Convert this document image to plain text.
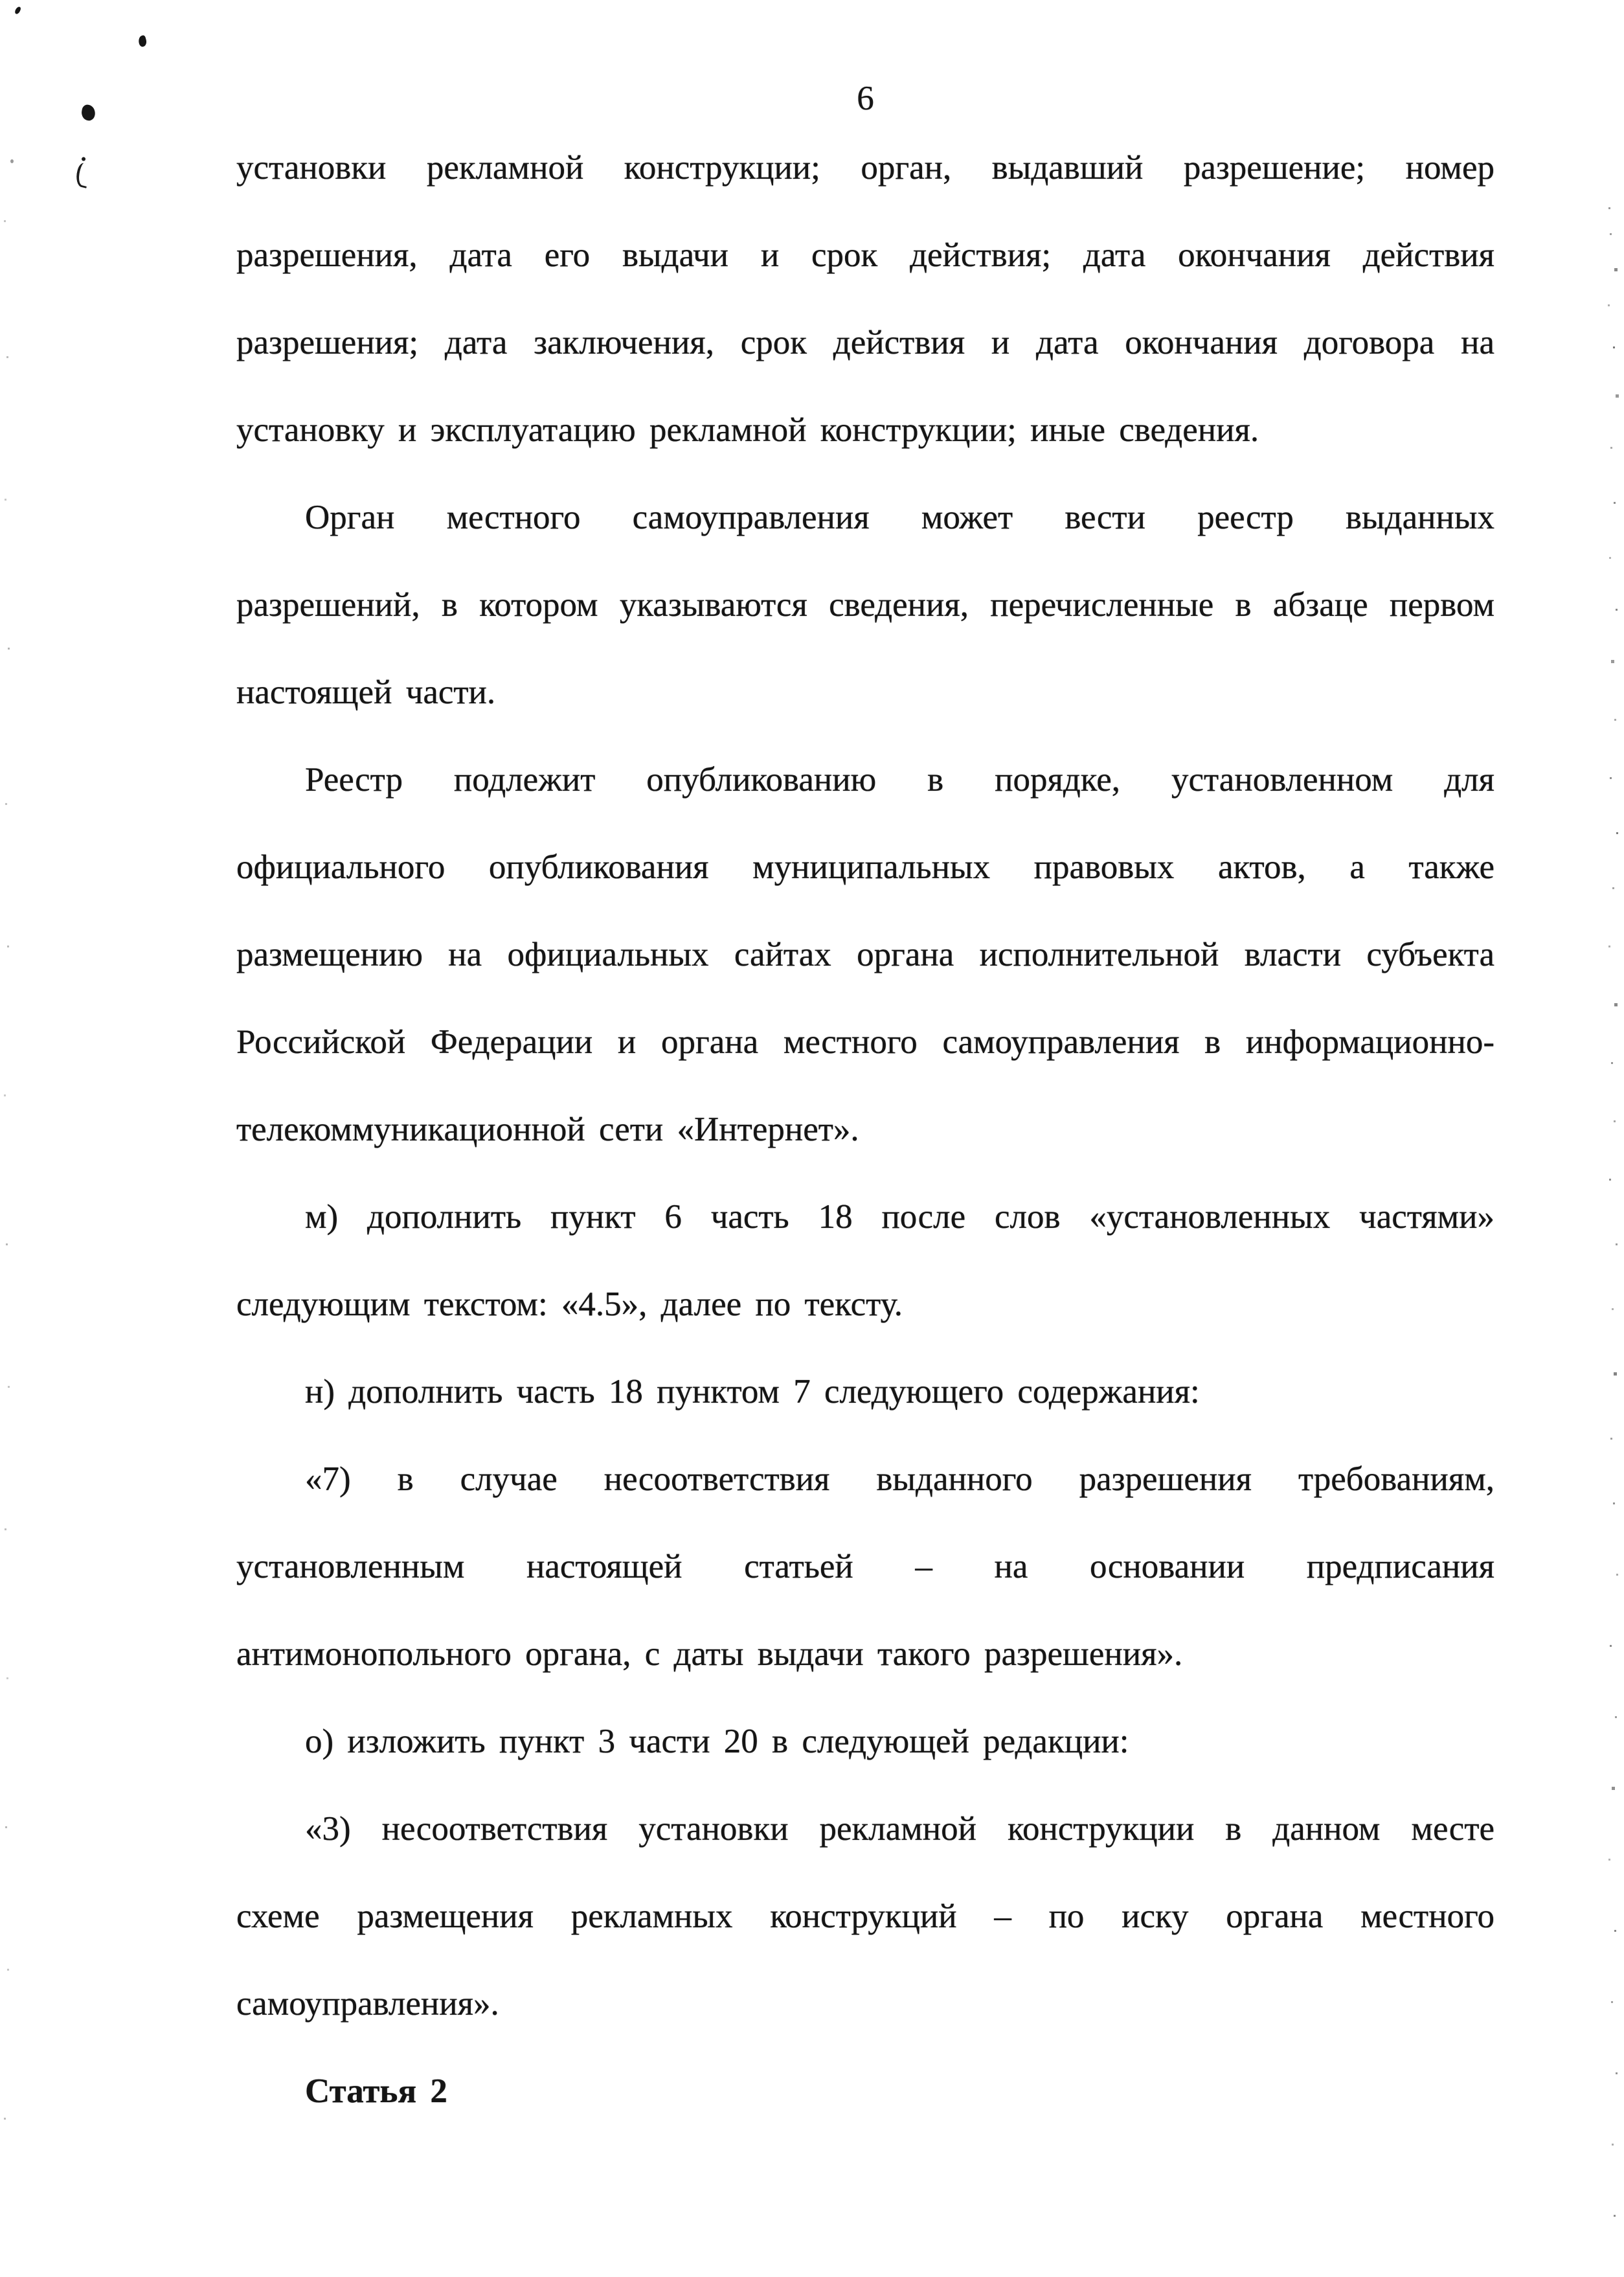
6
установки рекламной конструкции; орган, выдавший разрешение; номер
разрешения, дата его выдачи и срок действия; дата окончания действия
разрешения; дата заключения, срок действия и дата окончания договора на
установку и эксплуатацию рекламной конструкции; иные сведения.
Орган местного самоуправления может вести реестр выданных
разрешений, в котором указываются сведения, перечисленные в абзаце первом
настоящей части.
Реестр подлежит опубликованию в порядке, установленном для
официального опубликования муниципальных правовых актов, а также
размещению на официальных сайтах органа исполнительной власти субъекта
Российской Федерации и органа местного самоуправления в информационно-
телекоммуникационной сети «Интернет».
м) дополнить пункт 6 часть 18 после слов «установленных частями»
следующим текстом: «4.5», далее по тексту.
н) дополнить часть 18 пунктом 7 следующего содержания:
«7) в случае несоответствия выданного разрешения требованиям,
установленным настоящей статьей – на основании предписания
антимонопольного органа, с даты выдачи такого разрешения».
о) изложить пункт 3 части 20 в следующей редакции:
«3) несоответствия установки рекламной конструкции в данном месте
схеме размещения рекламных конструкций – по иску органа местного
самоуправления».
Статья 2
